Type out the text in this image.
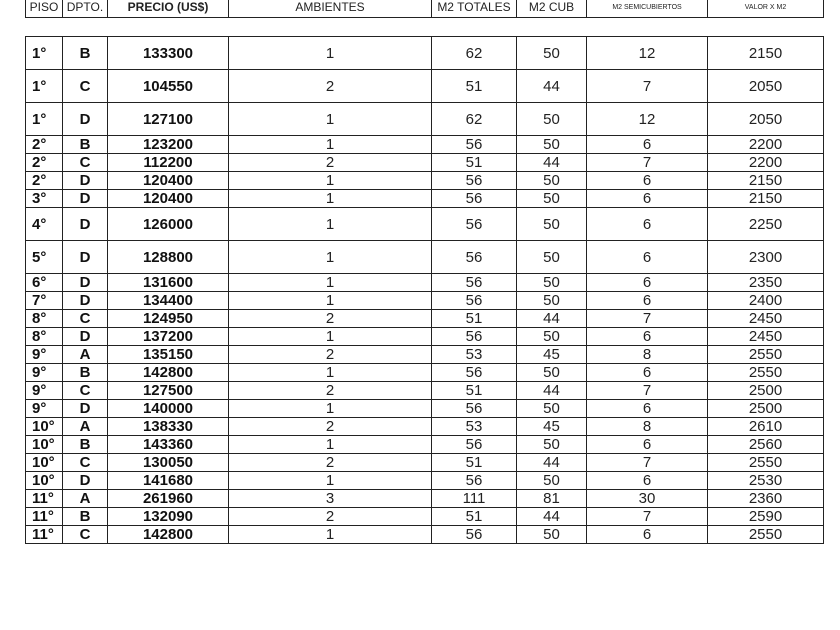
PISO	DPTO.	PRECIO (US$)	AMBIENTES	M2 TOTALES	M2 CUB	M2 SEMICUBIERTOS	VALOR X M2
1°	B	133300	1	62	50	12	2150
1°	C	104550	2	51	44	7	2050
1°	D	127100	1	62	50	12	2050
2°	B	123200	1	56	50	6	2200
2°	C	112200	2	51	44	7	2200
2°	D	120400	1	56	50	6	2150
3°	D	120400	1	56	50	6	2150
4°	D	126000	1	56	50	6	2250
5°	D	128800	1	56	50	6	2300
6°	D	131600	1	56	50	6	2350
7°	D	134400	1	56	50	6	2400
8°	C	124950	2	51	44	7	2450
8°	D	137200	1	56	50	6	2450
9°	A	135150	2	53	45	8	2550
9°	B	142800	1	56	50	6	2550
9°	C	127500	2	51	44	7	2500
9°	D	140000	1	56	50	6	2500
10°	A	138330	2	53	45	8	2610
10°	B	143360	1	56	50	6	2560
10°	C	130050	2	51	44	7	2550
10°	D	141680	1	56	50	6	2530
11°	A	261960	3	111	81	30	2360
11°	B	132090	2	51	44	7	2590
11°	C	142800	1	56	50	6	2550
